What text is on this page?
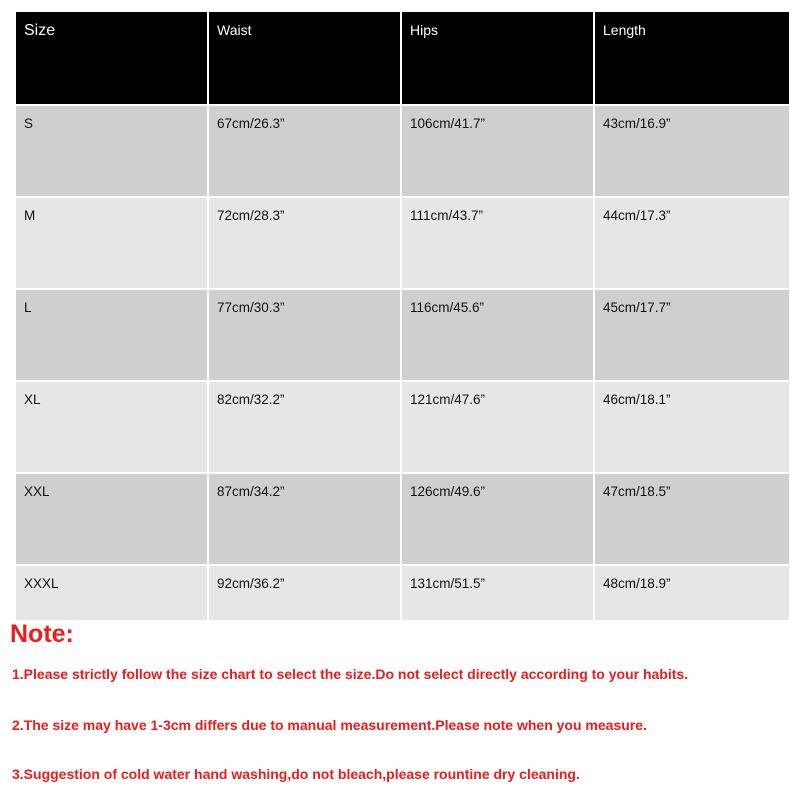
Size	Waist	Hips	Length
S	67cm/26.3”	106cm/41.7”	43cm/16.9”
M	72cm/28.3”	111cm/43.7”	44cm/17.3”
L	77cm/30.3”	116cm/45.6”	45cm/17.7”
XL	82cm/32.2”	121cm/47.6”	46cm/18.1”
XXL	87cm/34.2”	126cm/49.6”	47cm/18.5”
XXXL	92cm/36.2”	131cm/51.5”	48cm/18.9”
Note:

1.Please strictly follow the size chart to select the size.Do not select directly according to your habits.

2.The size may have 1-3cm differs due to manual measurement.Please note when you measure.

3.Suggestion of cold water hand washing,do not bleach,please rountine dry cleaning.
